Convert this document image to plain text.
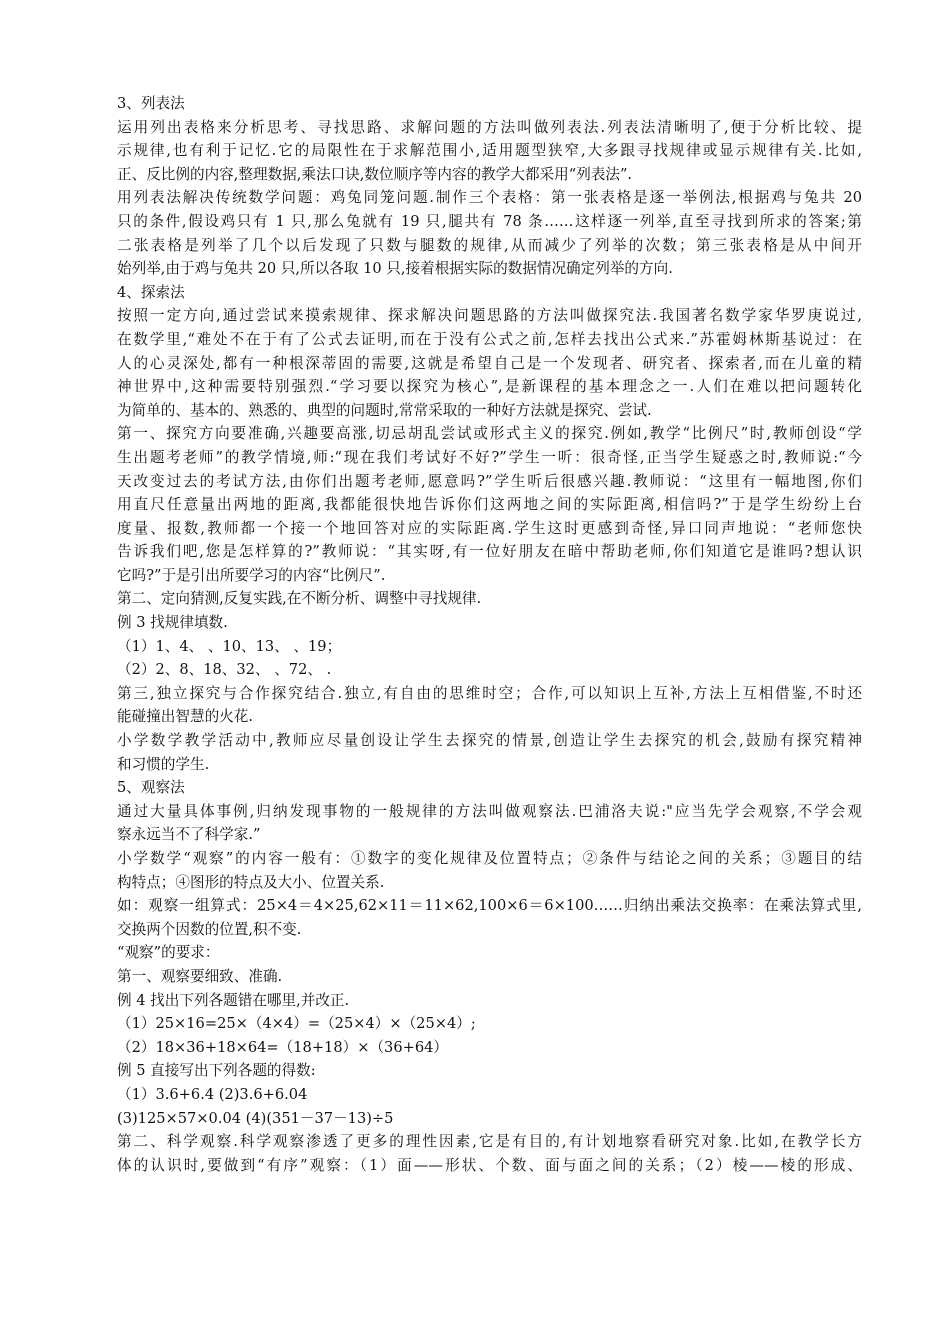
3、列表法
运用列出表格来分析思考、寻找思路、求解问题的方法叫做列表法.列表法清晰明了,便于分析比较、提
示规律,也有利于记忆.它的局限性在于求解范围小,适用题型狭窄,大多跟寻找规律或显示规律有关.比如,
正、反比例的内容,整理数据,乘法口诀,数位顺序等内容的教学大都采用“列表法”.
用列表法解决传统数学问题：鸡兔同笼问题.制作三个表格：第一张表格是逐一举例法,根据鸡与兔共 20
只的条件,假设鸡只有 1 只,那么兔就有 19 只,腿共有 78 条……这样逐一列举,直至寻找到所求的答案;第
二张表格是列举了几个以后发现了只数与腿数的规律,从而减少了列举的次数；第三张表格是从中间开
始列举,由于鸡与兔共 20 只,所以各取 10 只,接着根据实际的数据情况确定列举的方向.
4、探索法
按照一定方向,通过尝试来摸索规律、探求解决问题思路的方法叫做探究法.我国著名数学家华罗庚说过,
在数学里,“难处不在于有了公式去证明,而在于没有公式之前,怎样去找出公式来.”苏霍姆林斯基说过：在
人的心灵深处,都有一种根深蒂固的需要,这就是希望自己是一个发现者、研究者、探索者,而在儿童的精
神世界中,这种需要特别强烈.“学习要以探究为核心”,是新课程的基本理念之一.人们在难以把问题转化
为简单的、基本的、熟悉的、典型的问题时,常常采取的一种好方法就是探究、尝试.
第一、探究方向要准确,兴趣要高涨,切忌胡乱尝试或形式主义的探究.例如,教学“比例尺”时,教师创设“学
生出题考老师”的教学情境,师:“现在我们考试好不好?”学生一听：很奇怪,正当学生疑惑之时,教师说:“今
天改变过去的考试方法,由你们出题考老师,愿意吗?”学生听后很感兴趣.教师说：“这里有一幅地图,你们
用直尺任意量出两地的距离,我都能很快地告诉你们这两地之间的实际距离,相信吗?”于是学生纷纷上台
度量、报数,教师都一个接一个地回答对应的实际距离.学生这时更感到奇怪,异口同声地说：“老师您快
告诉我们吧,您是怎样算的?”教师说：“其实呀,有一位好朋友在暗中帮助老师,你们知道它是谁吗?想认识
它吗?”于是引出所要学习的内容“比例尺”.
第二、定向猜测,反复实践,在不断分析、调整中寻找规律.
例 3 找规律填数.
（1）1、4、 、10、13、 、19；
（2）2、8、18、32、 、72、 .
第三,独立探究与合作探究结合.独立,有自由的思维时空；合作,可以知识上互补,方法上互相借鉴,不时还
能碰撞出智慧的火花.
小学数学教学活动中,教师应尽量创设让学生去探究的情景,创造让学生去探究的机会,鼓励有探究精神
和习惯的学生.
5、观察法
通过大量具体事例,归纳发现事物的一般规律的方法叫做观察法.巴浦洛夫说:"应当先学会观察,不学会观
察永远当不了科学家.”
小学数学“观察”的内容一般有：①数字的变化规律及位置特点；②条件与结论之间的关系；③题目的结
构特点；④图形的特点及大小、位置关系.
如：观察一组算式：25×4＝4×25,62×11＝11×62,100×6＝6×100……归纳出乘法交换率：在乘法算式里,
交换两个因数的位置,积不变.
“观察”的要求：
第一、观察要细致、准确.
例 4 找出下列各题错在哪里,并改正.
（1）25×16=25×（4×4）=（25×4）×（25×4）;
（2）18×36+18×64=（18+18）×（36+64）
例 5 直接写出下列各题的得数:
（1）3.6+6.4 (2)3.6+6.04
(3)125×57×0.04 (4)(351－37－13)÷5
第二、科学观察.科学观察渗透了更多的理性因素,它是有目的,有计划地察看研究对象.比如,在教学长方
体的认识时,要做到“有序”观察：（1）面——形状、个数、面与面之间的关系；（2）棱——棱的形成、
